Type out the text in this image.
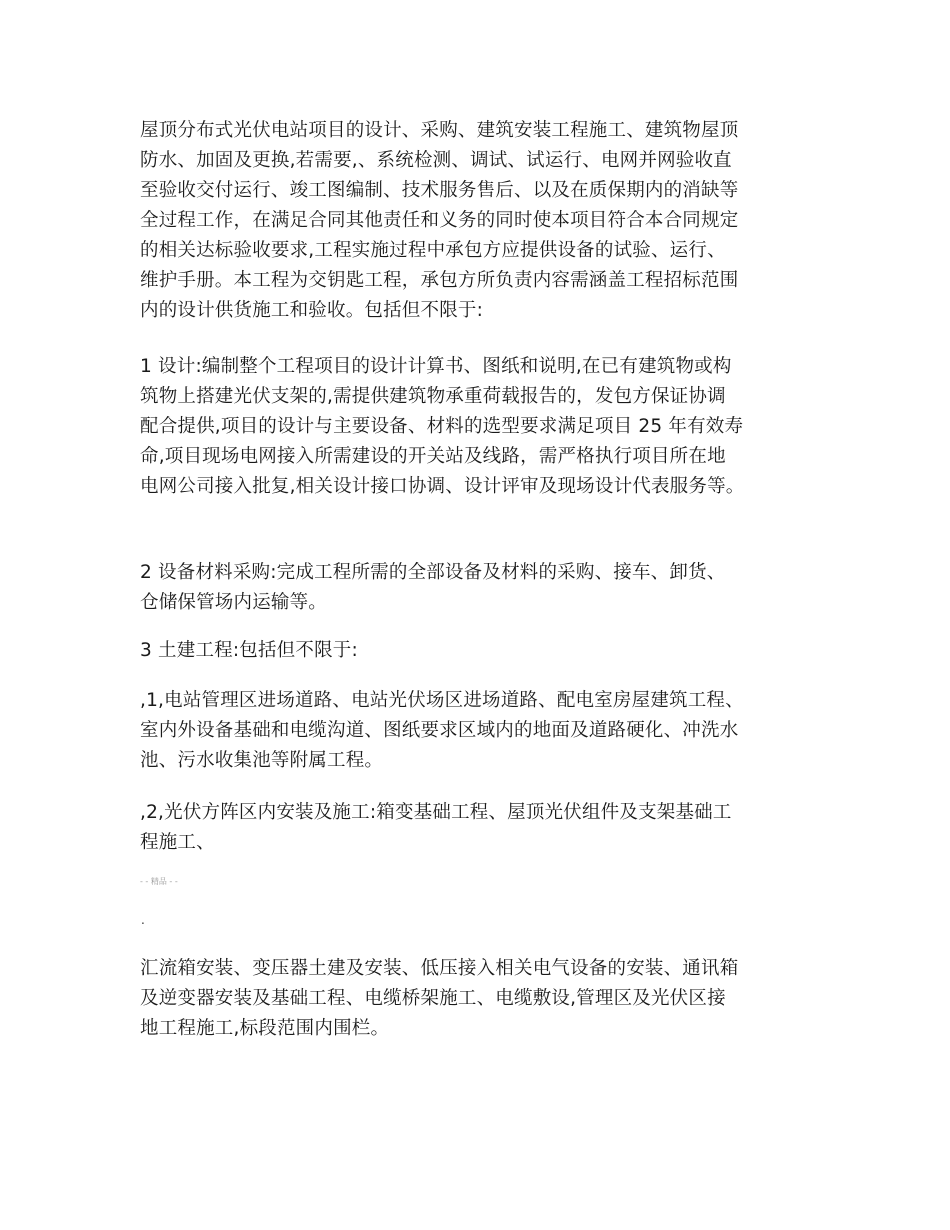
屋顶分布式光伏电站项目的设计、采购、建筑安装工程施工、建筑物屋顶
防水、加固及更换,若需要,、系统检测、调试、试运行、电网并网验收直
至验收交付运行、竣工图编制、技术服务售后、以及在质保期内的消缺等
全过程工作，在满足合同其他责任和义务的同时使本项目符合本合同规定
的相关达标验收要求,工程实施过程中承包方应提供设备的试验、运行、
维护手册。本工程为交钥匙工程，承包方所负责内容需涵盖工程招标范围
内的设计供货施工和验收。包括但不限于:

1 设计:编制整个工程项目的设计计算书、图纸和说明,在已有建筑物或构
筑物上搭建光伏支架的,需提供建筑物承重荷载报告的，发包方保证协调
配合提供,项目的设计与主要设备、材料的选型要求满足项目 25 年有效寿
命,项目现场电网接入所需建设的开关站及线路，需严格执行项目所在地
电网公司接入批复,相关设计接口协调、设计评审及现场设计代表服务等。

2 设备材料采购:完成工程所需的全部设备及材料的采购、接车、卸货、
仓储保管场内运输等。

3 土建工程:包括但不限于:

,1,电站管理区进场道路、电站光伏场区进场道路、配电室房屋建筑工程、
室内外设备基础和电缆沟道、图纸要求区域内的地面及道路硬化、冲洗水
池、污水收集池等附属工程。

,2,光伏方阵区内安装及施工:箱变基础工程、屋顶光伏组件及支架基础工
程施工、

- - 精品 - -
.

汇流箱安装、变压器土建及安装、低压接入相关电气设备的安装、通讯箱
及逆变器安装及基础工程、电缆桥架施工、电缆敷设,管理区及光伏区接
地工程施工,标段范围内围栏。
